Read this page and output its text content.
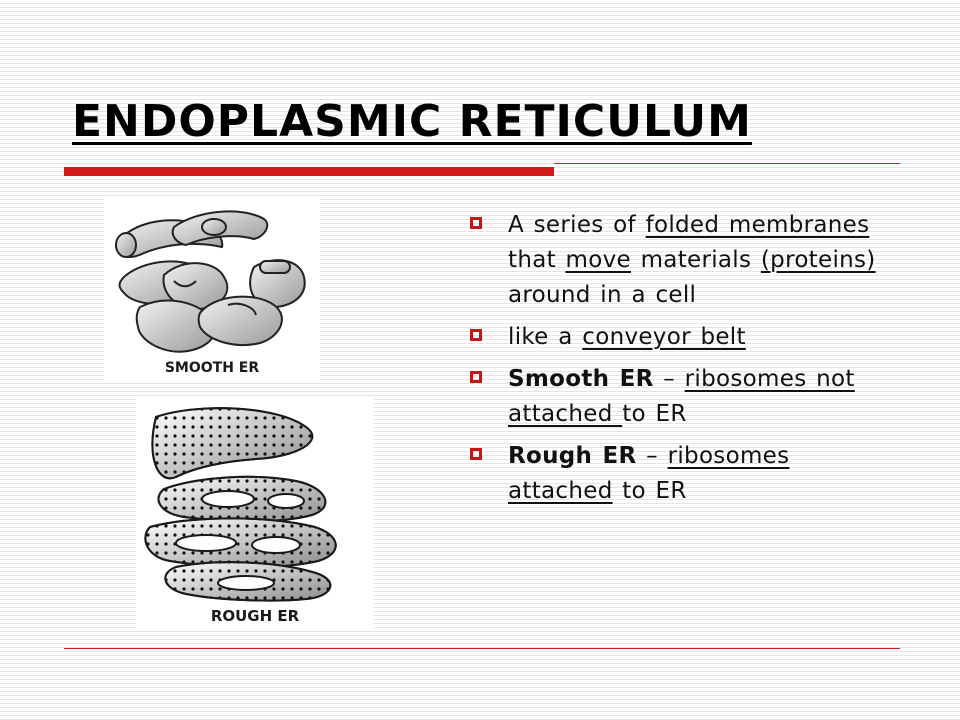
ENDOPLASMIC RETICULUM
SMOOTH ER
ROUGH ER
A series of folded membranes that move materials (proteins) around in a cell
like a conveyor belt
Smooth ER – ribosomes not attached to ER
Rough ER – ribosomes attached to ER
